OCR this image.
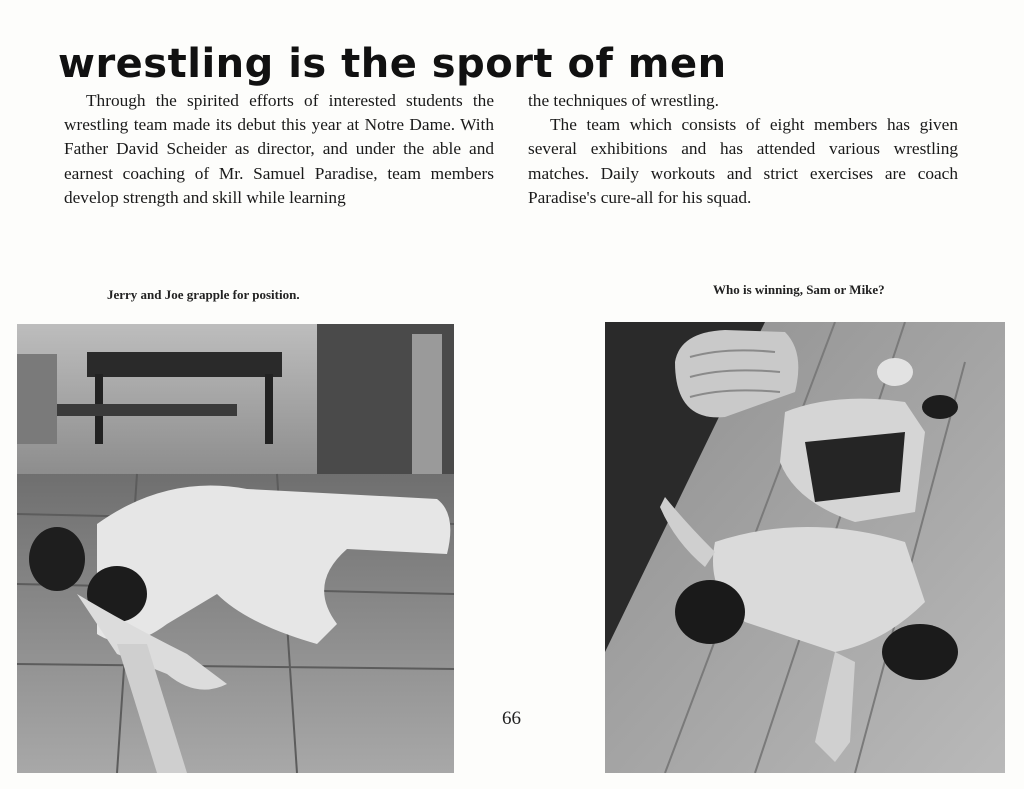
wrestling is the sport of men

Through the spirited efforts of interested students the wrestling team made its debut this year at Notre Dame. With Father David Scheider as director, and under the able and earnest coaching of Mr. Samuel Paradise, team members develop strength and skill while learning

the techniques of wrestling.

The team which consists of eight members has given several exhibitions and has attended various wrestling matches. Daily workouts and strict exercises are coach Paradise's cure-all for his squad.

Jerry and Joe grapple for position.	Who is winning, Sam or Mike?
66
